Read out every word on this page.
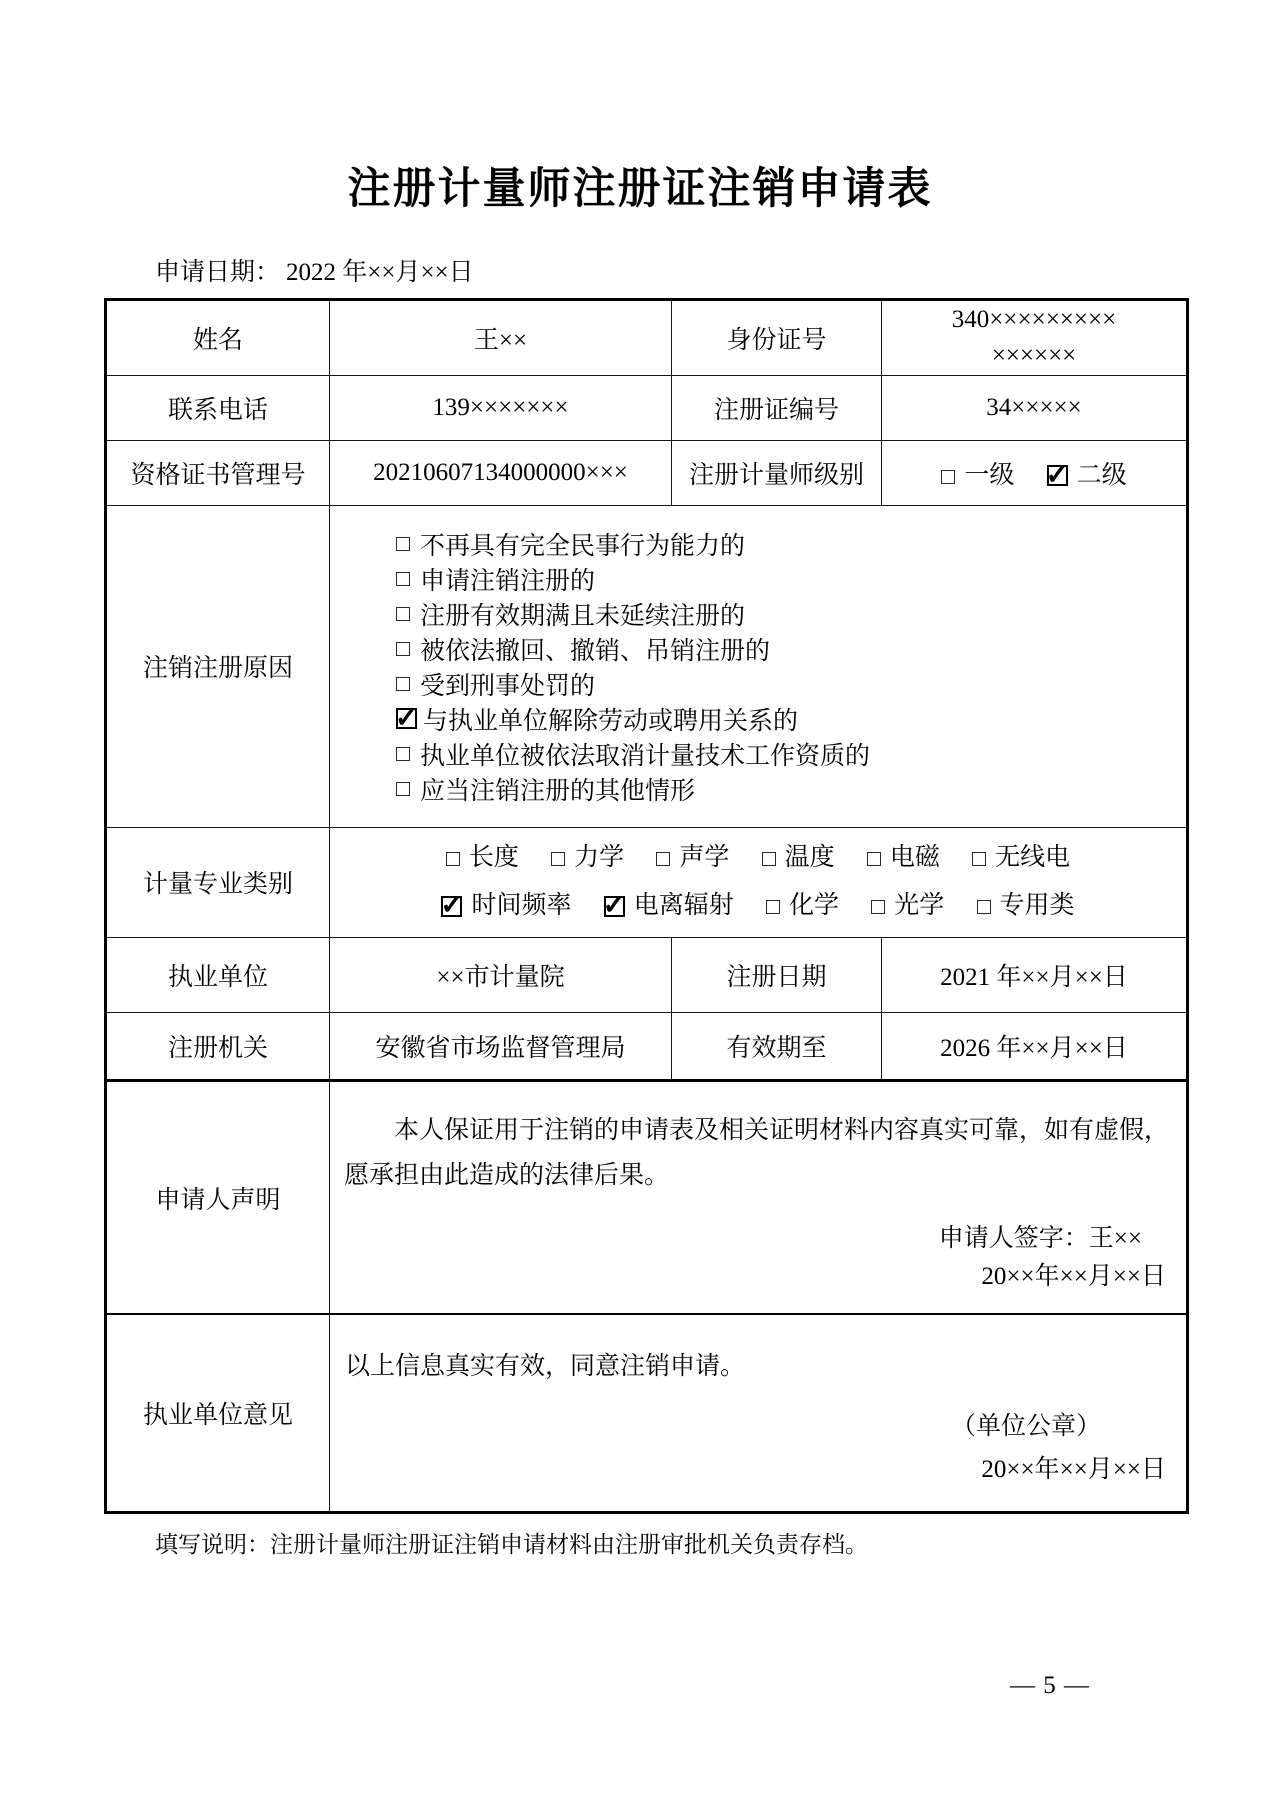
注册计量师注册证注销申请表
申请日期： 2022 年××月××日
姓名	王××	身份证号	340×××××××××
××××××

联系电话	139×××××××	注册证编号	34×××××
资格证书管理号	20210607134000000×××	注册计量师级别	一级 ✓ 二级
注销注册原因	
不再具有完全民事行为能力的
申请注销注册的
注册有效期满且未延续注册的
被依法撤回、撤销、吊销注册的
受到刑事处罚的
✓ 与执业单位解除劳动或聘用关系的
执业单位被依法取消计量技术工作资质的
应当注销注册的其他情形

计量专业类别	长度 力学 声学 温度 电磁 无线电
✓ 时间频率 ✓ 电离辐射 化学 光学 专用类		

执业单位	××市计量院	注册日期	2021 年××月××日
注册机关	安徽省市场监督管理局	有效期至	2026 年××月××日
申请人声明	本人保证用于注销的申请表及相关证明材料内容真实可靠，如有虚假，愿承担由此造成的法律后果。

申请人签字：王××
20××年××月××日		

执业单位意见	以上信息真实有效，同意注销申请。

（单位公章）
20××年××月××日		
填写说明：注册计量师注册证注销申请材料由注册审批机关负责存档。
— 5 —
